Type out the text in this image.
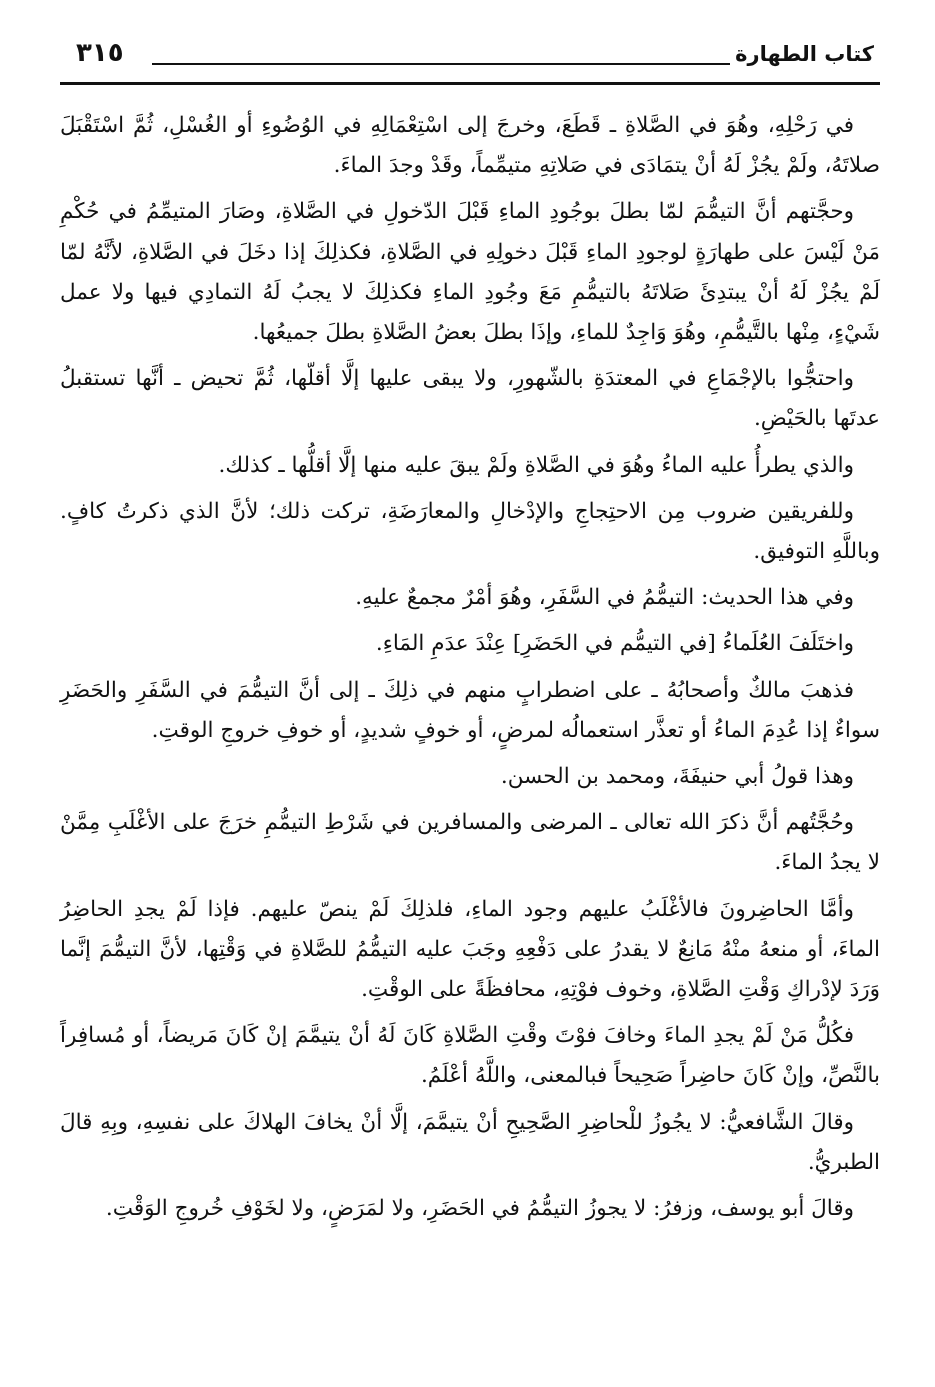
كتاب الطهارة
٣١٥

في رَحْلِهِ، وهُوَ في الصَّلاةِ ـ قَطَعَ، وخرجَ إلى اسْتِعْمَالِهِ في الوُضُوءِ أو الغُسْلِ، ثُمَّ اسْتَقْبَلَ صلاتَهُ، ولَمْ يجُزْ لَهُ أنْ يتمَادَى في صَلاتِهِ متيمِّماً، وقَدْ وجدَ الماءَ.

وحجَّتهم أنَّ التيمُّمَ لمّا بطلَ بوجُودِ الماءِ قَبْلَ الدّخولِ في الصَّلاةِ، وصَارَ المتيمِّمُ في حُكْمِ مَنْ لَيْسَ على طهارَةٍ لوجودِ الماءِ قَبْلَ دخولِهِ في الصَّلاةِ، فكذلِكَ إذا دخَلَ في الصَّلاةِ، لأنَّهُ لمّا لَمْ يجُزْ لَهُ أنْ يبتدِئَ صَلاتَهُ بالتيمُّمِ مَعَ وجُودِ الماءِ فكذلِكَ لا يجبُ لَهُ التمادِي فيها ولا عمل شَيْءٍ، مِنْها بالتَّيمُّمِ، وهُوَ وَاجِدٌ للماءِ، وإذَا بطلَ بعضُ الصَّلاةِ بطلَ جميعُها.

واحتجُّوا بالإجْمَاعِ في المعتدَةِ بالشّهورِ، ولا يبقى عليها إلَّا أقلّها، ثُمَّ تحيض ـ أنَّها تستقبلُ عدتَها بالحَيْضِ.

والذي يطرأُ عليه الماءُ وهُوَ في الصَّلاةِ ولَمْ يبقَ عليه منها إلَّا أقلُّها ـ كذلك.

وللفريقين ضروب مِن الاحتِجاجِ والإدْخالِ والمعارَضَةِ، تركت ذلك؛ لأنَّ الذي ذكرتُ كافٍ. وباللَّهِ التوفيق.

وفي هذا الحديث: التيمُّمُ في السَّفَرِ، وهُوَ أمْرٌ مجمعٌ عليهِ.

واختَلَفَ العُلَماءُ [في التيمُّم في الحَضَرِ] عِنْدَ عدَمِ المَاءِ.

فذهبَ مالكٌ وأصحابُهُ ـ على اضطرابٍ منهم في ذلِكَ ـ إلى أنَّ التيمُّمَ في السَّفَرِ والحَضَرِ سواءٌ إذا عُدِمَ الماءُ أو تعذَّر استعمالُه لمرضٍ، أو خوفٍ شديدٍ، أو خوفِ خروجِ الوقتِ.

وهذا قولُ أبي حنيفَةَ، ومحمد بن الحسن.

وحُجَّتُهم أنَّ ذكرَ الله تعالى ـ المرضى والمسافرين في شَرْطِ التيمُّمِ خرَجَ على الأغْلَبِ مِمَّنْ لا يجدُ الماءَ.

وأمَّا الحاضِرونَ فالأغْلَبُ عليهم وجود الماءِ، فلذلِكَ لَمْ ينصّ عليهم. فإذا لَمْ يجدِ الحاضِرُ الماءَ، أو منعهُ منْهُ مَانِعٌ لا يقدرُ على دَفْعِهِ وجَبَ عليه التيمُّمُ للصَّلاةِ في وَقْتِها، لأنَّ التيمُّمَ إنَّما وَرَدَ لإدْراكِ وَقْتِ الصَّلاةِ، وخوف فوْتِهِ، محافظَةً على الوقْتِ.

فكُلُّ مَنْ لَمْ يجدِ الماءَ وخافَ فوْتَ وقْتِ الصَّلاةِ كَانَ لَهُ أنْ يتيمَّمَ إنْ كَانَ مَريضاً، أو مُسافِراً بالنَّصِّ، وإنْ كَانَ حاضِراً صَحِيحاً فبالمعنى، واللَّهُ أعْلَمُ.

وقالَ الشَّافعيُّ: لا يجُوزُ للْحاضِرِ الصَّحِيحِ أنْ يتيمَّمَ، إلَّا أنْ يخافَ الهلاكَ على نفسِهِ، وبِهِ قالَ الطبريُّ.

وقالَ أبو يوسف، وزفرُ: لا يجوزُ التيمُّمُ في الحَضَرِ، ولا لمَرَضٍ، ولا لخَوْفِ خُروجِ الوَقْتِ.
